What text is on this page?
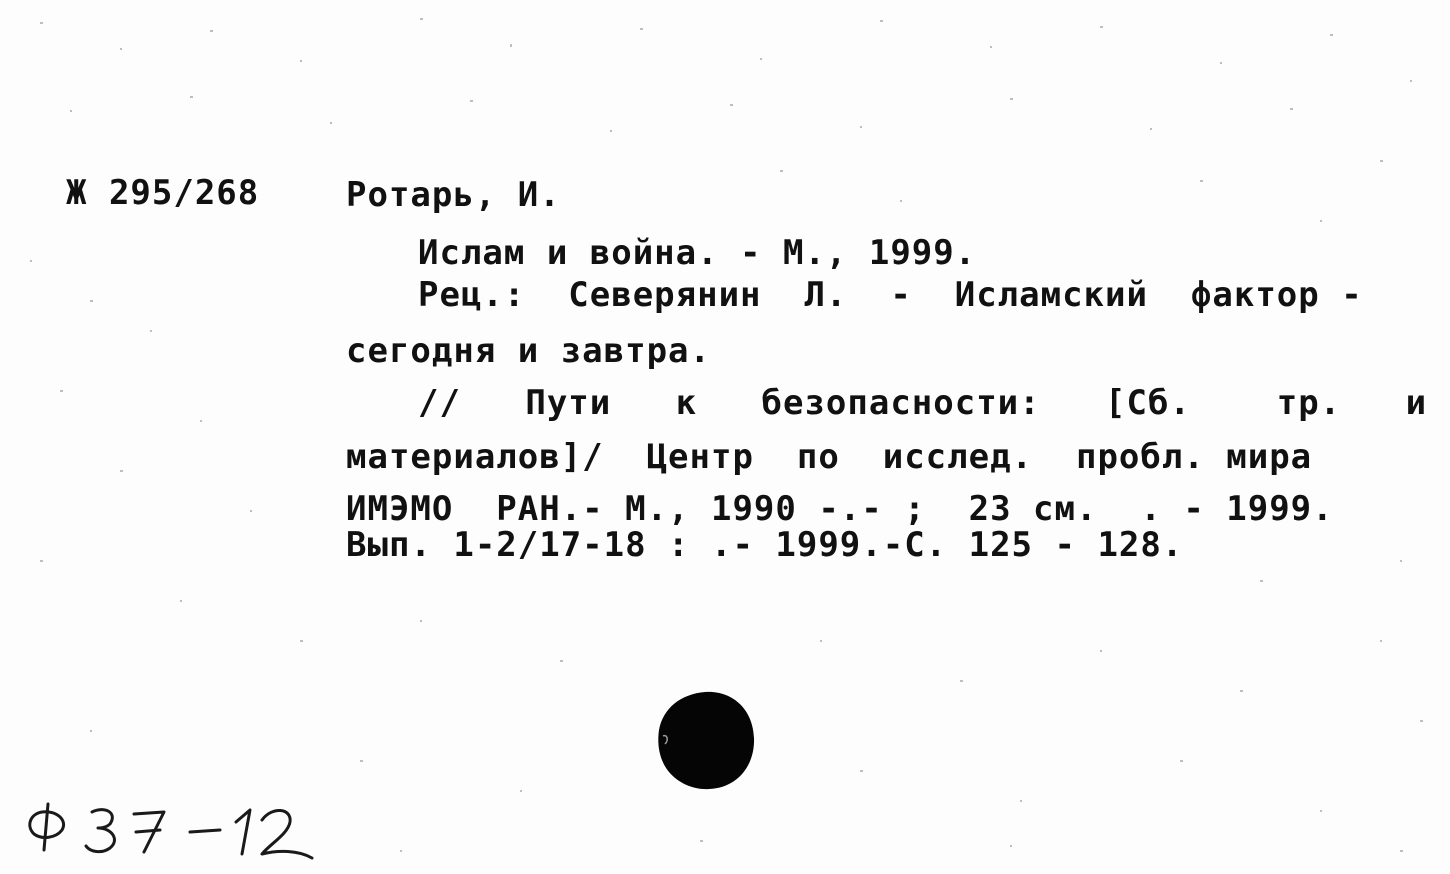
Ж 295/268	Ротарь, И.
Ислам и война. - М., 1999.
Рец.:  Северянин  Л.  -  Исламский  фактор -
сегодня и завтра.
//   Пути   к   безопасности:   [Сб.    тр.   и
материалов]/  Центр  по  исслед.  пробл. мира
ИМЭМО  РАН.- М., 1990 -.- ;  23 см.  . - 1999.
Вып. 1-2/17-18 : .- 1999.-С. 125 - 128.
